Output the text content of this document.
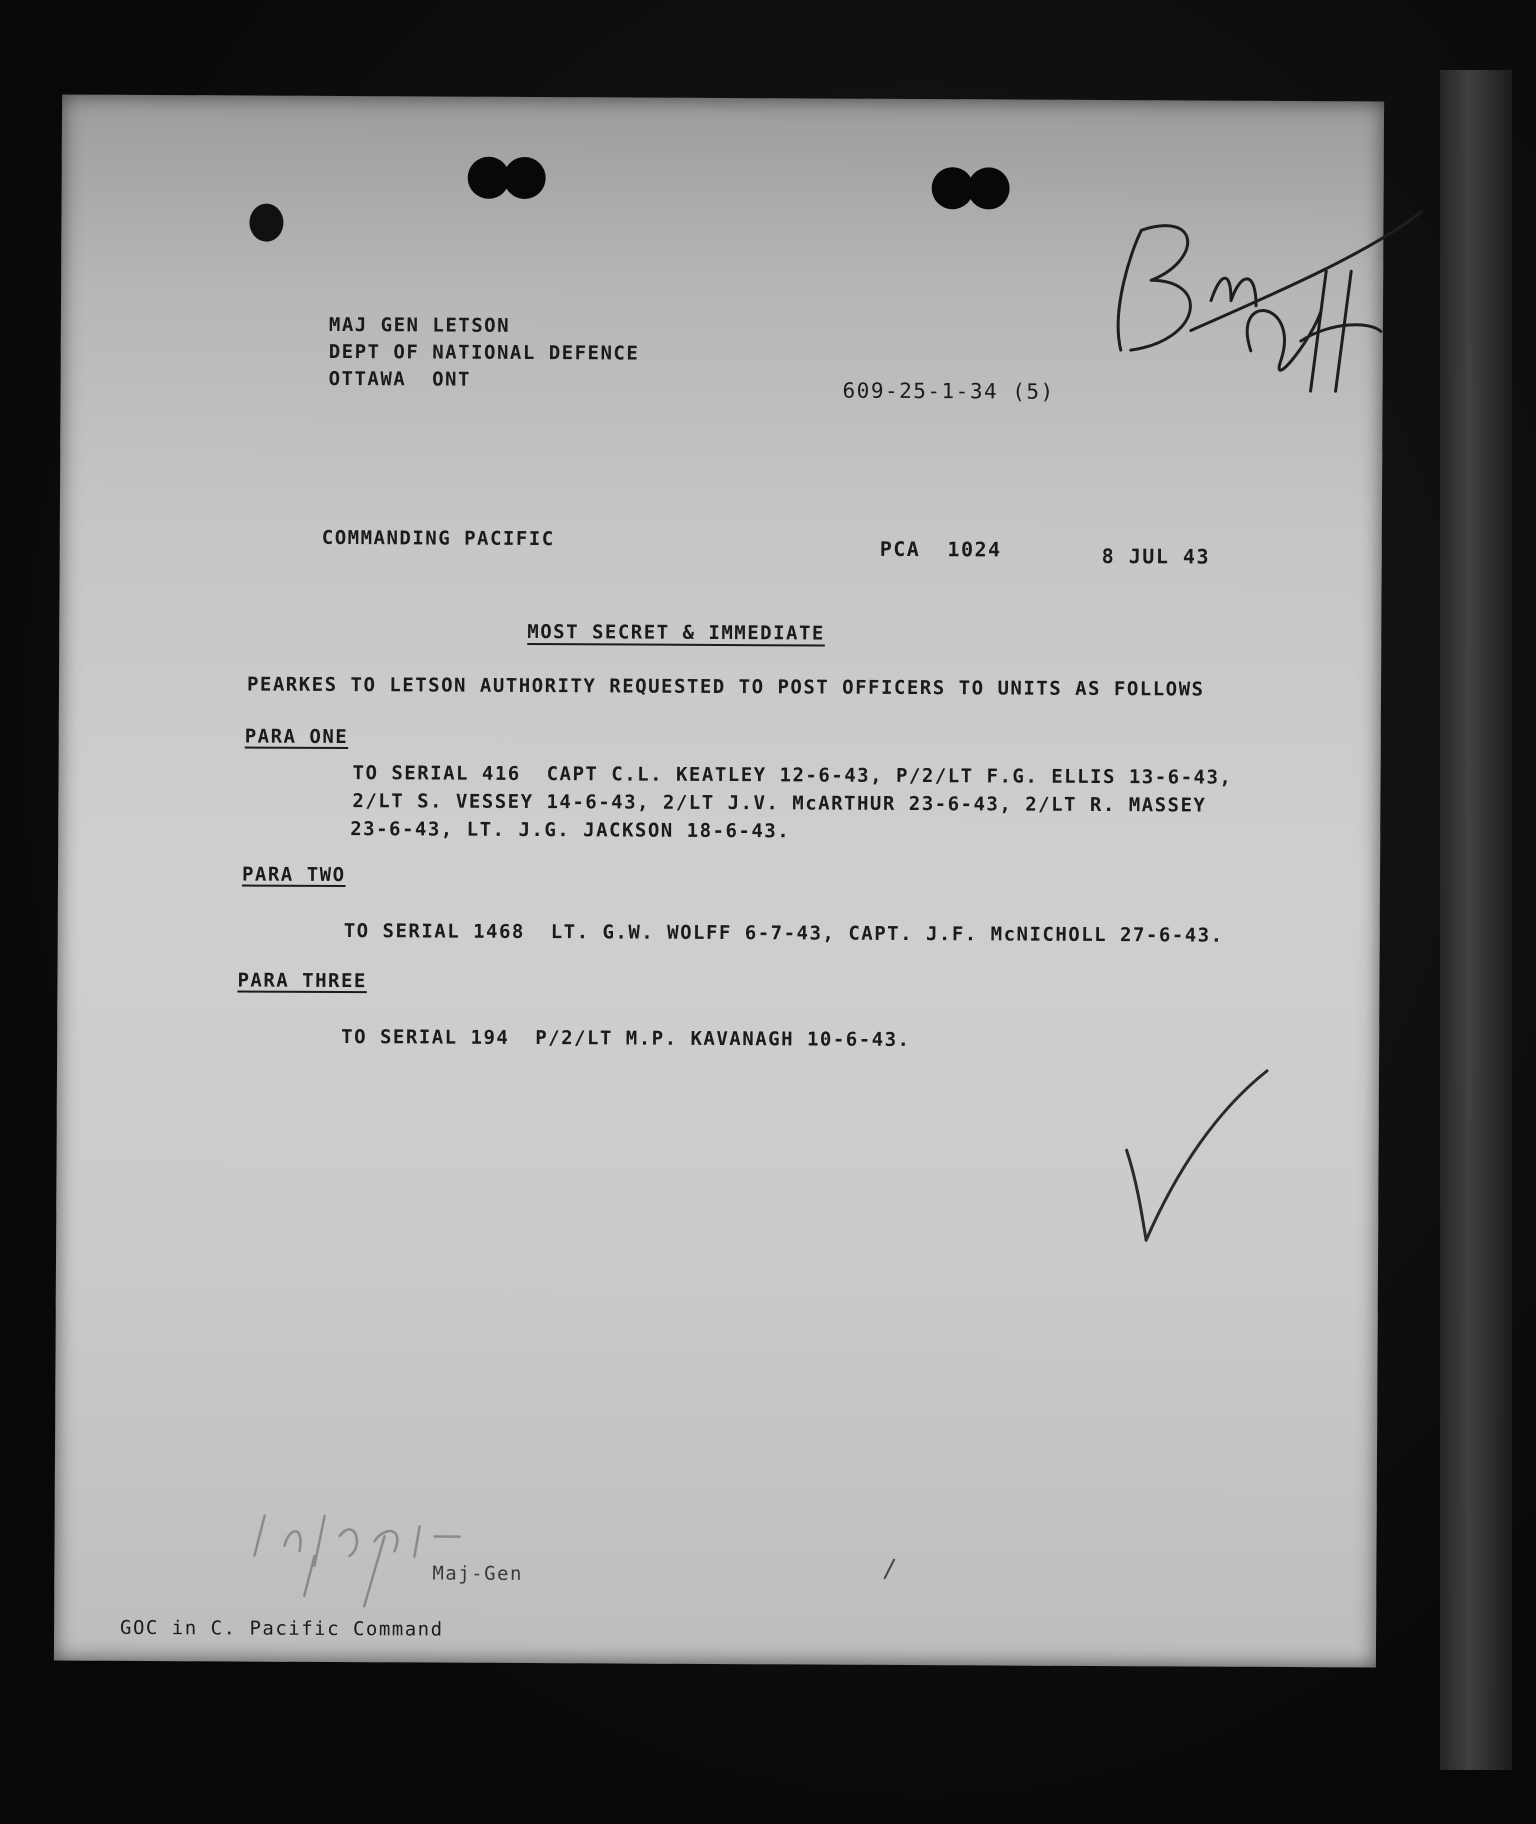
MAJ GEN LETSON
DEPT OF NATIONAL DEFENCE
OTTAWA  ONT	609-25-1-34 (5)
COMMANDING PACIFIC	PCA  1024	8 JUL 43
MOST SECRET & IMMEDIATE
PEARKES TO LETSON AUTHORITY REQUESTED TO POST OFFICERS TO UNITS AS FOLLOWS
PARA ONE
TO SERIAL 416  CAPT C.L. KEATLEY 12-6-43, P/2/LT F.G. ELLIS 13-6-43,
2/LT S. VESSEY 14-6-43, 2/LT J.V. McARTHUR 23-6-43, 2/LT R. MASSEY
23-6-43, LT. J.G. JACKSON 18-6-43.
PARA TWO
TO SERIAL 1468  LT. G.W. WOLFF 6-7-43, CAPT. J.F. McNICHOLL 27-6-43.
PARA THREE
TO SERIAL 194  P/2/LT M.P. KAVANAGH 10-6-43.
Maj-Gen
GOC in C. Pacific Command
